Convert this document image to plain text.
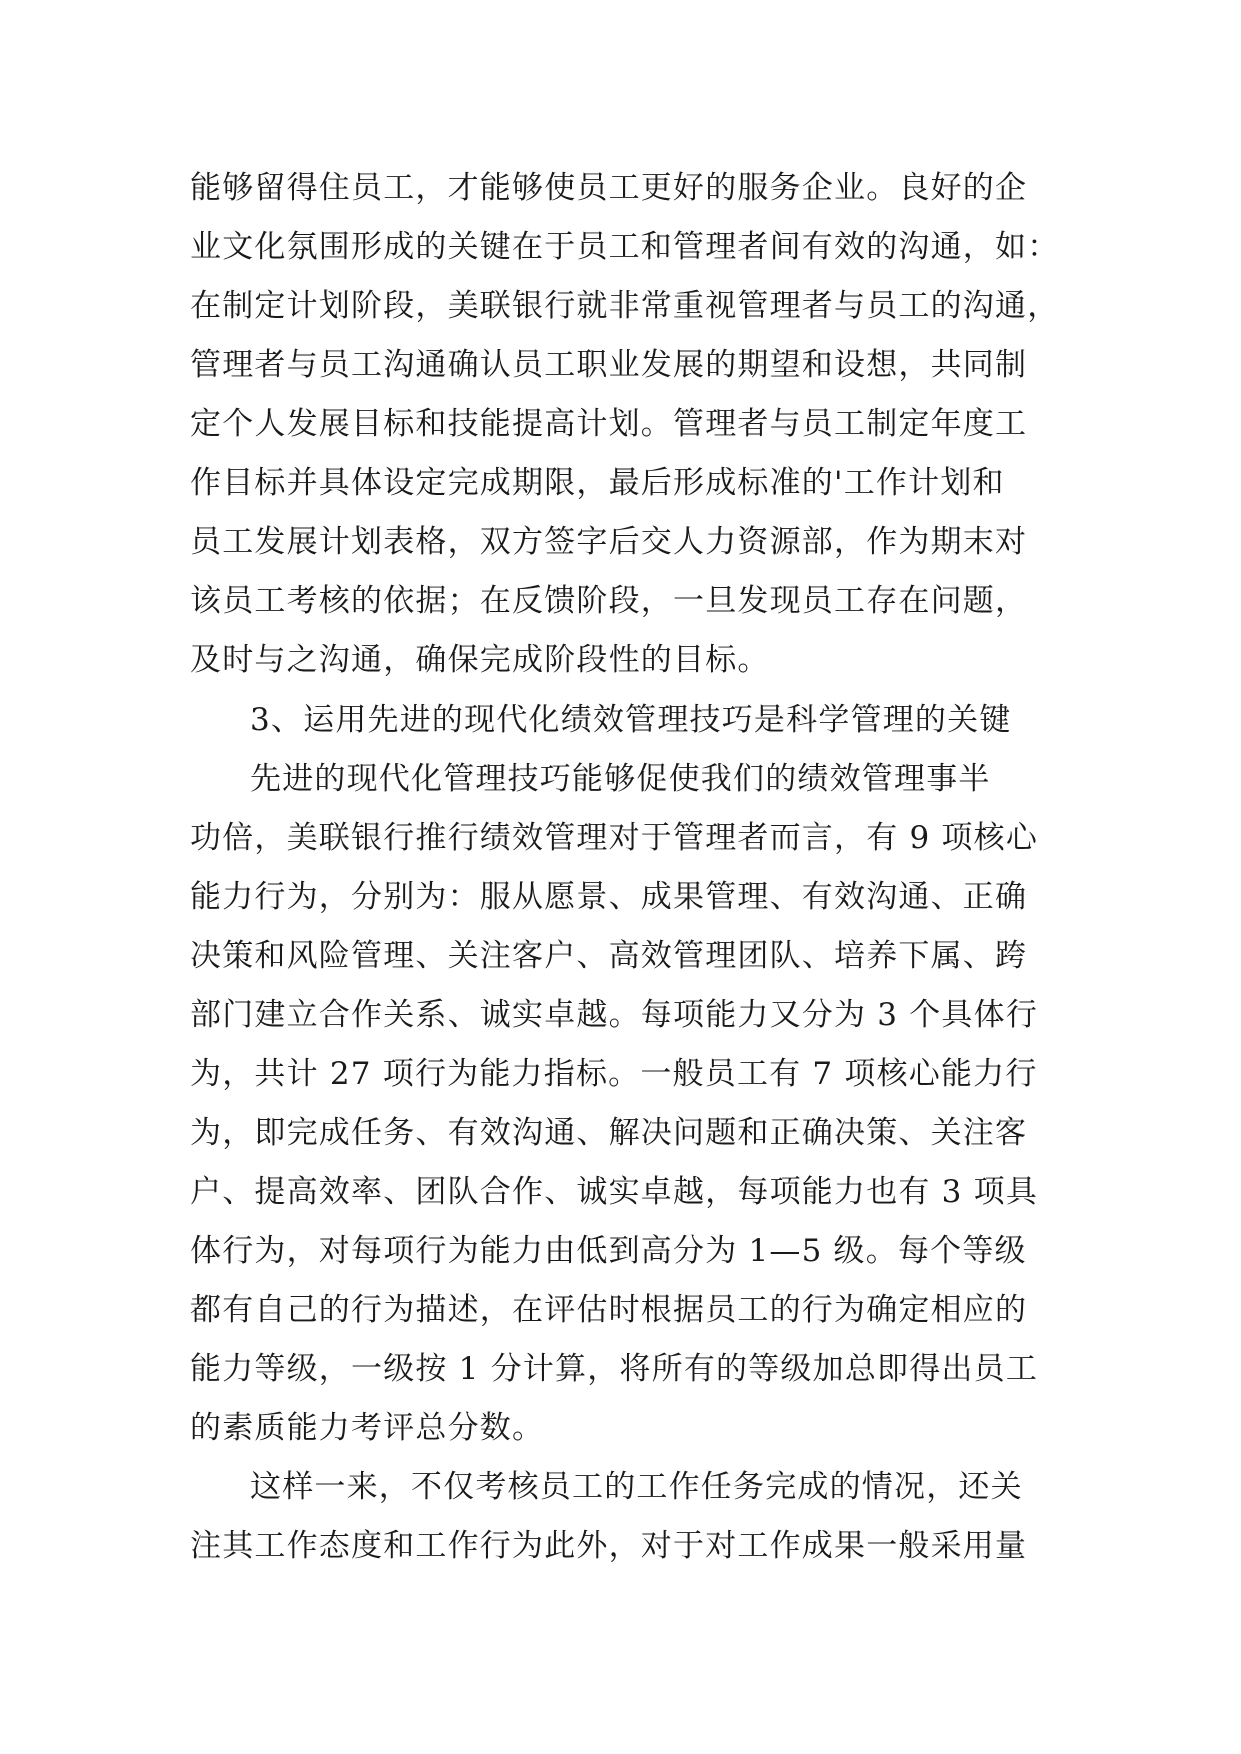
能够留得住员工，才能够使员工更好的服务企业。良好的企
业文化氛围形成的关键在于员工和管理者间有效的沟通，如：
在制定计划阶段，美联银行就非常重视管理者与员工的沟通，
管理者与员工沟通确认员工职业发展的期望和设想，共同制
定个人发展目标和技能提高计划。管理者与员工制定年度工
作目标并具体设定完成期限，最后形成标准的'工作计划和
员工发展计划表格，双方签字后交人力资源部，作为期末对
该员工考核的依据；在反馈阶段，一旦发现员工存在问题，
及时与之沟通，确保完成阶段性的目标。
3、运用先进的现代化绩效管理技巧是科学管理的关键
先进的现代化管理技巧能够促使我们的绩效管理事半
功倍，美联银行推行绩效管理对于管理者而言，有 9 项核心
能力行为，分别为：服从愿景、成果管理、有效沟通、正确
决策和风险管理、关注客户、高效管理团队、培养下属、跨
部门建立合作关系、诚实卓越。每项能力又分为 3 个具体行
为，共计 27 项行为能力指标。一般员工有 7 项核心能力行
为，即完成任务、有效沟通、解决问题和正确决策、关注客
户、提高效率、团队合作、诚实卓越，每项能力也有 3 项具
体行为，对每项行为能力由低到高分为 1—5 级。每个等级
都有自己的行为描述，在评估时根据员工的行为确定相应的
能力等级，一级按 1 分计算，将所有的等级加总即得出员工
的素质能力考评总分数。
这样一来，不仅考核员工的工作任务完成的情况，还关
注其工作态度和工作行为此外，对于对工作成果一般采用量
